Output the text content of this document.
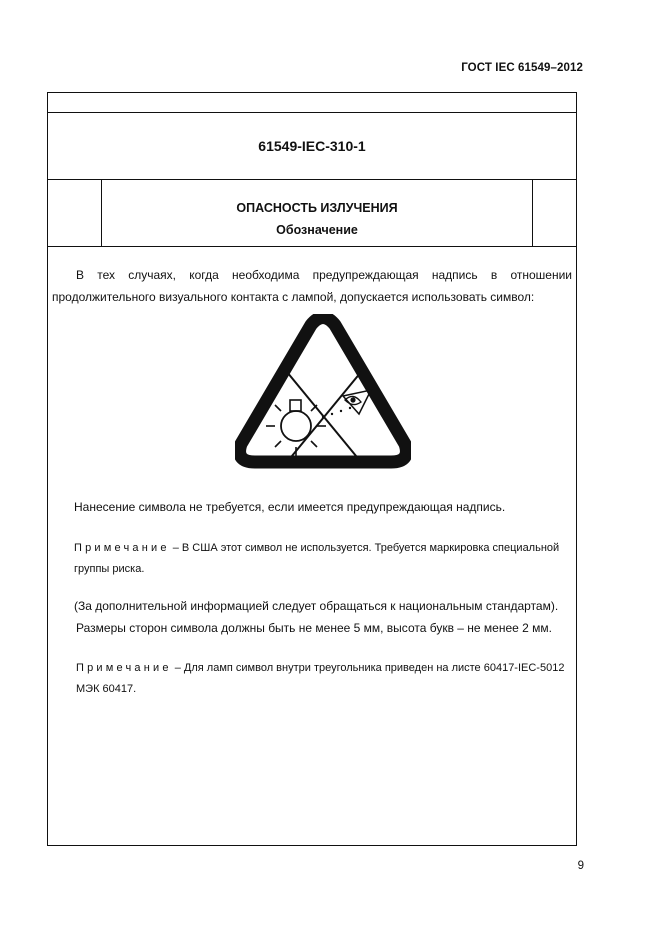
ГОСТ IEC 61549–2012
61549-IEC-310-1
ОПАСНОСТЬ ИЗЛУЧЕНИЯ
Обозначение
В тех случаях, когда необходима предупреждающая надпись в отношении продолжительного визуального контакта с лампой, допускается использовать символ:
Нанесение символа не требуется, если имеется предупреждающая надпись.
Примечание – В США этот символ не используется. Требуется маркировка специальной группы риска.
(За дополнительной информацией следует обращаться к национальным стандартам).
Размеры сторон символа должны быть не менее 5 мм, высота букв – не менее 2 мм.
Примечание – Для ламп символ внутри треугольника приведен на листе 60417-IEC-5012 МЭК 60417.
9
